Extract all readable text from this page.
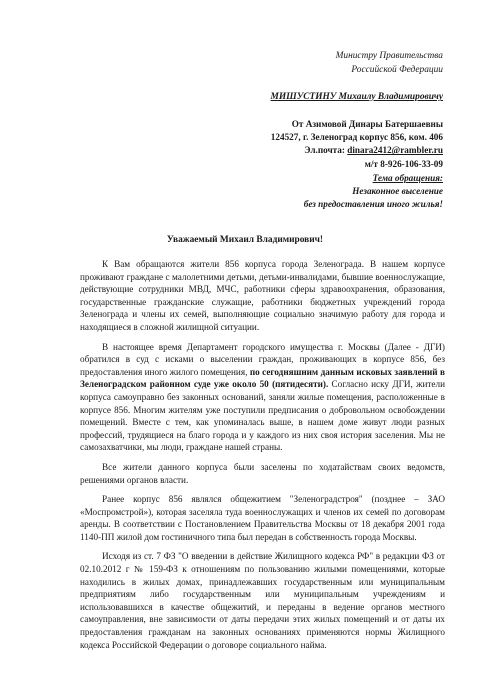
Министру Правительства
Российской Федерации
МИШУСТИНУ Михаилу Владимировичу
От Азимовой Динары Батершаевны
124527, г. Зеленоград корпус 856, ком. 406
Эл.почта: dinara2412@rambler.ru
м/т 8-926-106-33-09
Тема обращения:
Незаконное выселение
без предоставления иного жилья!
Уважаемый Михаил Владимирович!

К Вам обращаются жители 856 корпуса города Зеленограда. В нашем корпусе проживают граждане с малолетними детьми, детьми-инвалидами, бывшие военнослужащие, действующие сотрудники МВД, МЧС, работники сферы здравоохранения, образования, государственные гражданские служащие, работники бюджетных учреждений города Зеленограда и члены их семей, выполняющие социально значимую работу для города и находящиеся в сложной жилищной ситуации.

В настоящее время Департамент городского имущества г. Москвы (Далее - ДГИ) обратился в суд с исками о выселении граждан, проживающих в корпусе 856, без предоставления иного жилого помещения, по сегодняшним данным исковых заявлений в Зеленоградском районном суде уже около 50 (пятидесяти). Согласно иску ДГИ, жители корпуса самоуправно без законных оснований, заняли жилые помещения, расположенные в корпусе 856. Многим жителям уже поступили предписания о добровольном освобождении помещений. Вместе с тем, как упоминалась выше, в нашем доме живут люди разных профессий, трудящиеся на благо города и у каждого из них своя история заселения. Мы не самозахватчики, мы люди, граждане нашей страны.

Все жители данного корпуса были заселены по ходатайствам своих ведомств, решениями органов власти.

Ранее корпус 856 являлся общежитием "Зеленоградстроя" (позднее – ЗАО «Моспромстрой»), которая заселяла туда военнослужащих и членов их семей по договорам аренды. В соответствии с Постановлением Правительства Москвы от 18 декабря 2001 года 1140-ПП жилой дом гостиничного типа был передан в собственность города Москвы.

Исходя из ст. 7 ФЗ "О введении в действие Жилищного кодекса РФ" в редакции ФЗ от 02.10.2012 г № 159-ФЗ к отношениям по пользованию жилыми помещениями, которые находились в жилых домах, принадлежавших государственным или муниципальным предприятиям либо государственным или муниципальным учреждениям и использовавшихся в качестве общежитий, и переданы в ведение органов местного самоуправления, вне зависимости от даты передачи этих жилых помещений и от даты их предоставления гражданам на законных основаниях применяются нормы Жилищного кодекса Российской Федерации о договоре социального найма.
